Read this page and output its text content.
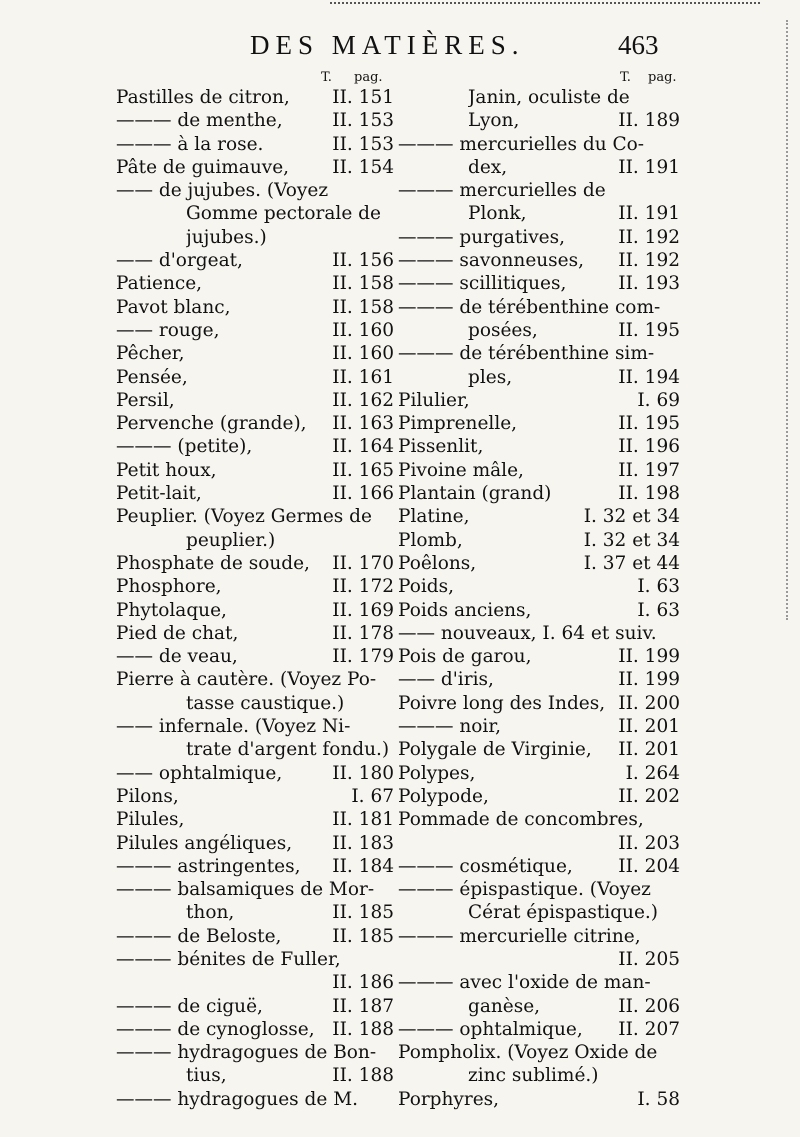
DES MATIÈRES.	463
T. pag.
Pastilles de citron, II. 151
——— de menthe,	II. 153
——— à la rose.	II. 153
Pâte de guimauve, II. 154
—— de jujubes. (Voyez
Gomme pectorale de
jujubes.)
—— d'orgeat,	II. 156
Patience,	II. 158
Pavot blanc,	II. 158
—— rouge,	II. 160
Pêcher,	II. 160
Pensée,	II. 161
Persil,	II. 162
Pervenche (grande), II. 163
——— (petite),	II. 164
Petit houx,	II. 165
Petit-lait,	II. 166
Peuplier. (Voyez Germes de
peuplier.)
Phosphate de soude, II. 170
Phosphore,	II. 172
Phytolaque,	II. 169
Pied de chat,	II. 178
—— de veau,	II. 179
Pierre à cautère. (Voyez Po-
tasse caustique.)
—— infernale. (Voyez Ni-
trate d'argent fondu.)
—— ophtalmique,	II. 180
Pilons,	I. 67
Pilules,	II. 181
Pilules angéliques, II. 183
——— astringentes, II. 184
——— balsamiques de Mor-
thon,	II. 185
——— de Beloste,	II. 185
——— bénites de Fuller,
II. 186
——— de ciguë,	II. 187
——— de cynoglosse, II. 188
——— hydragogues de Bon-
tius,	II. 188
——— hydragogues de M.
T. pag.
Janin, oculiste de
Lyon,	II. 189
——— mercurielles du Co-
dex,	II. 191
——— mercurielles de
Plonk,	II. 191
——— purgatives,	II. 192
——— savonneuses, II. 192
——— scillitiques,	II. 193
——— de térébenthine com-
posées,	II. 195
——— de térébenthine sim-
ples,	II. 194
Pilulier,	I. 69
Pimprenelle,	II. 195
Pissenlit,	II. 196
Pivoine mâle,	II. 197
Plantain (grand)	II. 198
Platine,	I. 32 et 34
Plomb,	I. 32 et 34
Poêlons,	I. 37 et 44
Poids,	I. 63
Poids anciens,	I. 63
—— nouveaux, I. 64 et suiv.
Pois de garou,	II. 199
—— d'iris,	II. 199
Poivre long des Indes, II. 200
——— noir,	II. 201
Polygale de Virginie, II. 201
Polypes,	I. 264
Polypode,	II. 202
Pommade de concombres,
II. 203
——— cosmétique, II. 204
——— épispastique. (Voyez
Cérat épispastique.)
——— mercurielle citrine,
II. 205
——— avec l'oxide de man-
ganèse,	II. 206
——— ophtalmique, II. 207
Pompholix. (Voyez Oxide de
zinc sublimé.)
Porphyres,	I. 58
